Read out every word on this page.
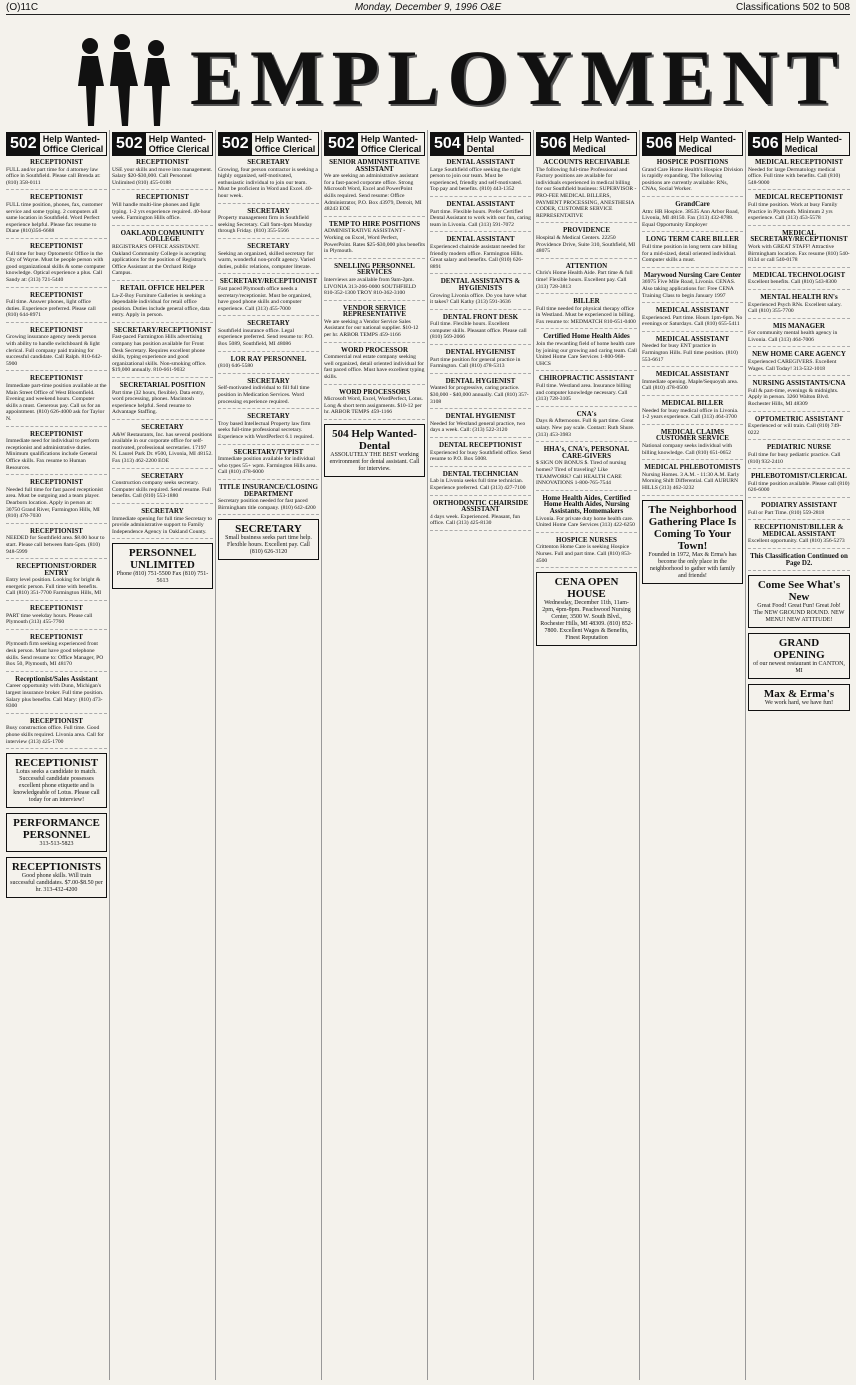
(O)11C	Monday, December 9, 1996 O&E	Classifications 502 to 508
EMPLOYMENT
502 Help Wanted-Office Clerical
RECEPTIONIST
FULL and/or part time for 4 attorney law office in Southfield. Please call Brenda at: (810) 358-0111
RECEPTIONIST
FULL time position, phones, fax, customer service and some typing. 2 computers all same location in Southfield. Word Perfect experience helpful. Please fax resume to Diane (810)356-6688
RECEPTIONIST
Full time for busy Optometric Office in the City of Wayne. Must be people person with good organizational skills & some computer knowledge. Optical experience a plus. Call Sandy at: (313) 721-5440
RECEPTIONIST
Full time. Answer phones, light office duties. Experience preferred. Please call (810) 644-8971
RECEPTIONIST
Growing insurance agency needs person with ability to handle switchboard & light clerical. Full company paid training for successful candidate. Call Ralph. 810-642-5900
RECEPTIONIST
Immediate part-time position available at the Main Street Office of West Bloomfield. Evening and weekend hours. Computer skills a must. Generous pay. Call us for an appointment. (810) 626-4000 ask for Taylor N.
RECEPTIONIST
Immediate need for individual to perform receptionist and administrative duties. Minimum qualifications include General Office skills. Fax resume to Human Resources.
RECEPTIONIST
Needed full time for fast paced receptionist area. Must be outgoing and a team player. Dearborn location. Apply in person at: 30750 Grand River, Farmington Hills, MI (810) 478-7030
RECEPTIONIST
NEEDED for Southfield area. $8.00 hour to start. Please call between 8am-5pm. (810) 948-5999
RECEPTIONIST/ORDER ENTRY
Entry level position. Looking for bright & energetic person. Full time with benefits. Call (810) 351-7700 Farmington Hills, MI
RECEPTIONIST
PART time weekday hours. Please call Plymouth (313) 455-7760
RECEPTIONIST
Plymouth firm seeking experienced front desk person. Must have good telephone skills. Send resume to: Office Manager, PO Box 50, Plymouth, MI 48170
Receptionist/Sales Assistant
Career opportunity with Dunn, Michigan's largest insurance broker. Full time position. Salary plus benefits. Call Mary: (810) 473-8300
RECEPTIONIST
Busy construction office. Full time. Good phone skills required. Livonia area. Call for interview (313) 425-1700
RECEPTIONIST
Lotus seeks a candidate to match. Successful candidate possesses excellent phone etiquette and is knowledgeable of Lotus. Please call today for an interview!
PERFORMANCE PERSONNEL
313-513-5823
RECEPTIONISTS
Good phone skills. Will train successful candidates. $7.00-$8.50 per hr. 313-432-4200
502 Help Wanted-Office Clerical
RECEPTIONIST
USE your skills and move into management. Salary $20-$30,000. Call Personnel Unlimited (810) 455-0188
RECEPTIONIST
Will handle multi-line phones and light typing. 1-2 yrs experience required. 40-hour week. Farmington Hills office.
OAKLAND COMMUNITY COLLEGE
REGISTRAR'S OFFICE ASSISTANT. Oakland Community College is accepting applications for the position of Registrar's Office Assistant at the Orchard Ridge Campus.
RETAIL OFFICE HELPER
La-Z-Boy Furniture Galleries is seeking a dependable individual for retail office position. Duties include general office, data entry. Apply in person.
SECRETARY/RECEPTIONIST
Fast-paced Farmington Hills advertising company has position available for Front Desk Secretary. Requires excellent phone skills, typing experience and good organizational skills. Non-smoking office. $19,000 annually. 810-661-9032
SECRETARIAL POSITION
Part time (32 hours, flexible). Data entry, word processing, phones. Macintosh experience helpful. Send resume to Advantage Staffing.
SECRETARY
A&W Restaurants, Inc. has several positions available in our corporate office for self-motivated, professional secretaries. 17197 N. Laurel Park Dr. #500, Livonia, MI 48152. Fax (313) 462-2200 EOE
SECRETARY
Construction company seeks secretary. Computer skills required. Send resume. Full benefits. Call (810) 553-1880
SECRETARY
Immediate opening for full time Secretary to provide administrative support to Family Independence Agency in Oakland County.
PERSONNEL UNLIMITED
Phone (810) 751-5500 Fax (810) 751-5613
502 Help Wanted-Office Clerical
SECRETARY
Growing, four person contractor is seeking a highly organized, self-motivated, enthusiastic individual to join our team. Must be proficient in Word and Excel. 40-hour week.
SECRETARY
Property management firm in Southfield seeking Secretary. Call 9am-4pm Monday through Friday. (810) 355-5566
SECRETARY
Seeking an organized, skilled secretary for warm, wonderful non-profit agency. Varied duties, public relations, computer literate.
SECRETARY/RECEPTIONIST
Fast paced Plymouth office needs a secretary/receptionist. Must be organized, have good phone skills and computer experience. Call (313) 455-7000
SECRETARY
Southfield insurance office. Legal experience preferred. Send resume to: P.O. Box 5089, Southfield, MI 48086
LOR RAY PERSONNEL
(810) 646-5580
SECRETARY
Self-motivated individual to fill full time position in Medication Services. Word processing experience required.
SECRETARY
Troy based Intellectual Property law firm seeks full-time professional secretary. Experience with WordPerfect 6.1 required.
SECRETARY/TYPIST
Immediate position available for individual who types 55+ wpm. Farmington Hills area. Call (810) 478-6000
TITLE INSURANCE/CLOSING DEPARTMENT
Secretary position needed for fast paced Birmingham title company. (810) 642-4200
SECRETARY
Small business seeks part time help. Flexible hours. Excellent pay. Call (810) 626-3120
502 Help Wanted-Office Clerical
SENIOR ADMINISTRATIVE ASSISTANT
We are seeking an administrative assistant for a fast-paced corporate office. Strong Microsoft Word, Excel and PowerPoint skills required. Send resume: Office Administrator, P.O. Box 43979, Detroit, MI 48243 EOE
TEMP TO HIRE POSITIONS
ADMINISTRATIVE ASSISTANT - Working on Excel, Word Perfect, PowerPoint. Rates $25-$30,000 plus benefits in Plymouth.
SNELLING PERSONNEL SERVICES
Interviews are available from 9am-2pm. LIVONIA 313-266-0000 SOUTHFIELD 810-352-1300 TROY 810-362-3100
VENDOR SERVICE REPRESENTATIVE
We are seeking a Vendor Service Sales Assistant for our national supplier. $10-12 per hr. ARBOR TEMPS 459-1166
WORD PROCESSOR
Commercial real estate company seeking well organized, detail oriented individual for fast paced office. Must have excellent typing skills.
WORD PROCESSORS
Microsoft Word, Excel, WordPerfect, Lotus. Long & short term assignments. $10-12 per hr. ARBOR TEMPS 459-1166
504 Help Wanted-Dental
ASSOLUTELY THE BEST working environment for dental assistant. Call for interview.
504 Help Wanted-Dental
DENTAL ASSISTANT
Large Southfield office seeking the right person to join our team. Must be experienced, friendly and self-motivated. Top pay and benefits. (810) 443-1352
DENTAL ASSISTANT
Part time. Flexible hours. Prefer Certified Dental Assistant to work with our fun, caring team in Livonia. Call (313) 591-7072
DENTAL ASSISTANT
Experienced chairside assistant needed for friendly modern office. Farmington Hills. Great salary and benefits. Call (810) 626-8891
DENTAL ASSISTANTS & HYGIENISTS
Growing Livonia office. Do you have what it takes? Call Kathy (313) 591-3636
DENTAL FRONT DESK
Full time. Flexible hours. Excellent computer skills. Pleasant office. Please call (810) 569-2066
DENTAL HYGIENIST
Part time position for general practice in Farmington. Call (810) 478-5313
DENTAL HYGIENIST
Wanted for progressive, caring practice. $30,000 - $40,000 annually. Call (810) 357-3108
DENTAL HYGIENIST
Needed for Westland general practice, two days a week. Call: (313) 522-3120
DENTAL RECEPTIONIST
Experienced for busy Southfield office. Send resume to P.O. Box 5008.
DENTAL TECHNICIAN
Lab in Livonia seeks full time technician. Experience preferred. Call (313) 427-7100
ORTHODONTIC CHAIRSIDE ASSISTANT
4 days week. Experienced. Pleasant, fun office. Call (313) 425-8130
506 Help Wanted-Medical
ACCOUNTS RECEIVABLE
The following full-time Professional and Factory positions are available for individuals experienced in medical billing for our Southfield business: SUPERVISOR - PRO-FEE MEDICAL BILLERS, PAYMENT PROCESSING, ANESTHESIA CODER, CUSTOMER SERVICE REPRESENTATIVE
PROVIDENCE
Hospital & Medical Centers. 22250 Providence Drive, Suite 310, Southfield, MI 48075
ATTENTION
Chris's Home Health Aide. Part time & full time! Flexible hours. Excellent pay. Call (313) 728-3813
BILLER
Full time needed for physical therapy office in Westland. Must be experienced in billing. Fax resume to: MEDMATCH 810-651-0400
Certified Home Health Aides
Join the rewarding field of home health care by joining our growing and caring team. Call United Home Care Services 1-800-968-UHCS
CHIROPRACTIC ASSISTANT
Full time. Westland area. Insurance billing and computer knowledge necessary. Call (313) 728-3105
CNA's
Days & Afternoons. Full & part time. Great salary. New pay scale. Contact: Ruth Shure. (313) 453-3983
HHA's, CNA's, PERSONAL CARE-GIVERS
$ SIGN ON BONUS $. Tired of nursing homes? Tired of traveling? Like TEAMWORK? Call HEALTH CARE INNOVATIONS 1-800-765-7544
Home Health Aides, Certified Home Health Aides, Nursing Assistants, Homemakers
Livonia. For private duty home health care. United Home Care Services (313) 422-6250
HOSPICE NURSES
Crittenton Home Care is seeking Hospice Nurses. Full and part time. Call (810) 853-4500
CENA OPEN HOUSE
Wednesday, December 11th, 11am-2pm, 4pm-8pm. Peachwood Nursing Center, 3500 W. South Blvd., Rochester Hills, MI 48309. (810) 852-7800. Excellent Wages & Benefits, Finest Reputation
506 Help Wanted-Medical
HOSPICE POSITIONS
Grand Care Home Health's Hospice Division is rapidly expanding. The following positions are currently available: RNs, CNAs, Social Worker.
GrandCare
Attn: HR Hospice. 38535 Ann Arbor Road, Livonia, MI 48150. Fax (313) 432-8788. Equal Opportunity Employer
LONG TERM CARE BILLER
Full time position in long term care billing for a mid-sized, detail oriented individual. Computer skills a must.
Marywood Nursing Care Center
36975 Five Mile Road, Livonia. CENAS. Also taking applications for: Free CENA Training Class to begin January 1997
MEDICAL ASSISTANT
Experienced. Part time. Hours 1pm-6pm. No evenings or Saturdays. Call (810) 655-5411
MEDICAL ASSISTANT
Needed for busy ENT practice in Farmington Hills. Full time position. (810) 553-6617
MEDICAL ASSISTANT
Immediate opening. Maple/Sequoyah area. Call (810) 478-0500
MEDICAL BILLER
Needed for busy medical office in Livonia. 1-2 years experience. Call (313) 464-3700
MEDICAL CLAIMS CUSTOMER SERVICE
National company seeks individual with billing knowledge. Call (810) 651-0652
MEDICAL PHLEBOTOMISTS
Nursing Homes. 3 A.M. - 11:30 A.M. Early Morning Shift Differential. Call AUBURN HILLS (313) 462-3232
The Neighborhood Gathering Place Is Coming To Your Town!
Founded in 1972, Max & Erma's has become the only place in the neighborhood to gather with family and friends!
506 Help Wanted-Medical
MEDICAL RECEPTIONIST
Needed for large Dermatology medical office. Full time with benefits. Call (810) 548-9000
MEDICAL RECEPTIONIST
Full time position. Work at busy Family Practice in Plymouth. Minimum 2 yrs experience. Call (313) 453-5578
MEDICAL SECRETARY/RECEPTIONIST
Work with GREAT STAFF! Attractive Birmingham location. Fax resume (810) 540-8134 or call 540-0178
MEDICAL TECHNOLOGIST
Excellent benefits. Call (810) 543-8300
MENTAL HEALTH RN's
Experienced Psych RNs. Excellent salary. Call (810) 355-7700
MIS MANAGER
For community mental health agency in Livonia. Call (313) 464-7006
NEW HOME CARE AGENCY
Experienced CAREGIVERS. Excellent Wages. Call Today! 313-532-1018
NURSING ASSISTANTS/CNA
Full & part-time, evenings & midnights. Apply in person. 3260 Walton Blvd. Rochester Hills, MI 48309
OPTOMETRIC ASSISTANT
Experienced or will train. Call (810) 749-0222
PEDIATRIC NURSE
Full time for busy pediatric practice. Call (810) 932-2410
PHLEBOTOMIST/CLERICAL
Full time position available. Please call (810) 626-6000
PODIATRY ASSISTANT
Full or Part Time. (810) 559-2818
RECEPTIONIST/BILLER & MEDICAL ASSISTANT
Excellent opportunity. Call (810) 356-5273
This Classification Continued on Page D2.
Come See What's New
Great Food! Great Fun! Great Job! The NEW GROUND ROUND. NEW MENU! NEW ATTITUDE!
GRAND OPENING
of our newest restaurant in CANTON, MI
Max & Erma's
We work hard, we have fun!
